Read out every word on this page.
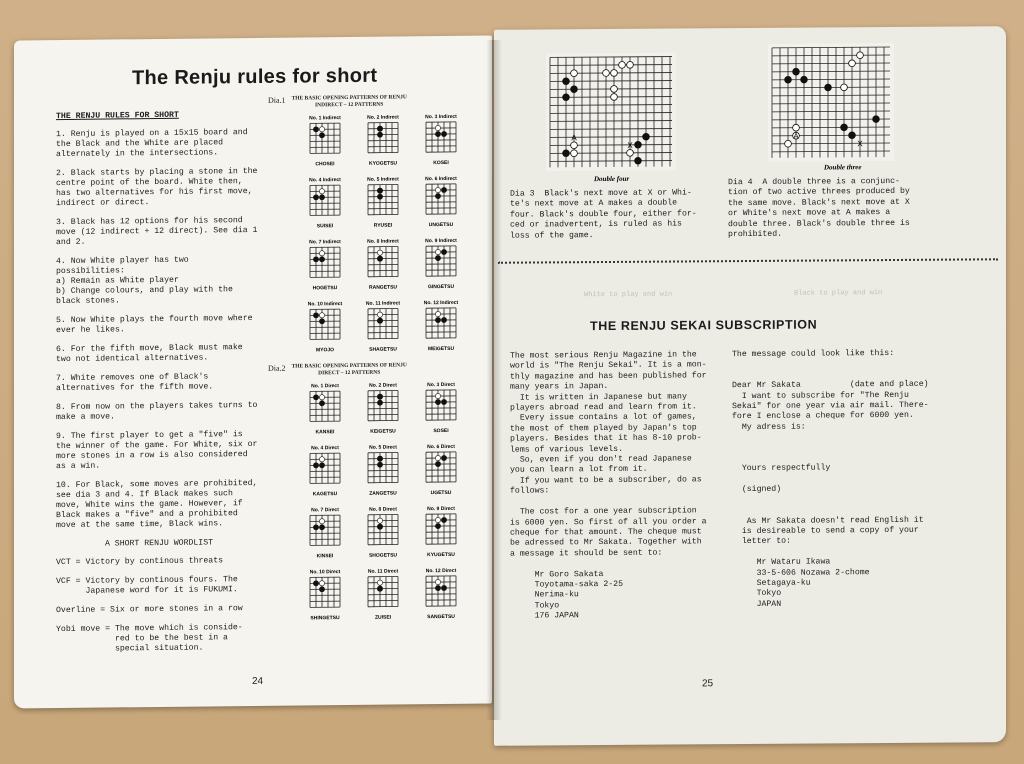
The Renju rules for short
THE RENJU RULES FOR SHORT

1. Renju is played on a 15x15 board and the Black and the White are placed alternately in the intersections.

2. Black starts by placing a stone in the centre point of the board. White then, has two alternatives for his first move, indirect or direct.

3. Black has 12 options for his second move (12 indirect + 12 direct). See dia 1 and 2.

4. Now White player has two possibilities:
a) Remain as White player
b) Change colours, and play with the black stones.

5. Now White plays the fourth move where ever he likes.

6. For the fifth move, Black must make two not identical alternatives.

7. White removes one of Black's alternatives for the fifth move.

8. From now on the players takes turns to make a move.

9. The first player to get a "five" is the winner of the game. For White, six or more stones in a row is also considered as a win.

10. For Black, some moves are prohibited, see dia 3 and 4. If Black makes such move, White wins the game. However, if Black makes a "five" and a prohibited move at the same time, Black wins.

A SHORT RENJU WORDLIST

VCT = Victory by continous threats

VCF = Victory by continous fours. The
Japanese word for it is FUKUMI.

Overline = Six or more stones in a row

Yobi move = The move which is conside-
red to be the best in a
special situation.

Dia.1 THE BASIC OPENING PATTERNS OF RENJU
INDIRECT – 12 PATTERNS
No. 1 Indirect
CHOSEI
No. 2 Indirect
KYOGETSU
No. 3 Indirect
KOSEI
No. 4 Indirect
SUISEI
No. 5 Indirect
RYUSEI
No. 6 Indirect
UNGETSU
No. 7 Indirect
HOGETSU
No. 8 Indirect
RANGETSU
No. 9 Indirect
GINGETSU
No. 10 Indirect
MYOJO
No. 11 Indirect
SHAGETSU
No. 12 Indirect
MEIGETSU
Dia.2 THE BASIC OPENING PATTERNS OF RENJU
DIRECT – 12 PATTERNS
No. 1 Direct
KANSEI
No. 2 Direct
KEIGETSU
No. 3 Direct
SOSEI
No. 4 Direct
KAGETSU
No. 5 Direct
ZANGETSU
No. 6 Direct
UGETSU
No. 7 Direct
KINSEI
No. 8 Direct
SHOGETSU
No. 9 Direct
KYUGETSU
No. 10 Direct
SHINGETSU
No. 11 Direct
ZUISEI
No. 12 Direct
SANGETSU
24
White to play and win	Black to play and win
A
X
Double four
Dia 3  Black's next move at X or Whi-
te's next move at A makes a double
four. Black's double four, either for-
ced or inadvertent, is ruled as his
loss of the game.
A
X
Double three
Dia 4  A double three is a conjunc-
tion of two active threes produced by
the same move. Black's next move at X
or White's next move at A makes a
double three. Black's double three is
prohibited.
THE RENJU SEKAI SUBSCRIPTION
The most serious Renju Magazine in the
world is "The Renju Sekai". It is a mon-
thly magazine and has been published for
many years in Japan.
It is written in Japanese but many
players abroad read and learn from it.
Every issue contains a lot of games,
the most of them played by Japan's top
players. Besides that it has 8-10 prob-
lems of various levels.
So, even if you don't read Japanese
you can learn a lot from it.
If you want to be a subscriber, do as
follows:

The cost for a one year subscription
is 6000 yen. So first of all you order a
cheque for that amount. The cheque must
be adressed to Mr Sakata. Together with
a message it should be sent to:

Mr Goro Sakata
Toyotama-saka 2-25
Nerima-ku
Tokyo
176 JAPAN
The message could look like this:

Dear Mr Sakata          (date and place)
I want to subscribe for "The Renju
Sekai" for one year via air mail. There-
fore I enclose a cheque for 6000 yen.
My adress is:

Yours respectfully

(signed)

As Mr Sakata doesn't read English it
is desireable to send a copy of your
letter to:

Mr Wataru Ikawa
33-5-606 Nozawa 2-chome
Setagaya-ku
Tokyo
JAPAN
25
